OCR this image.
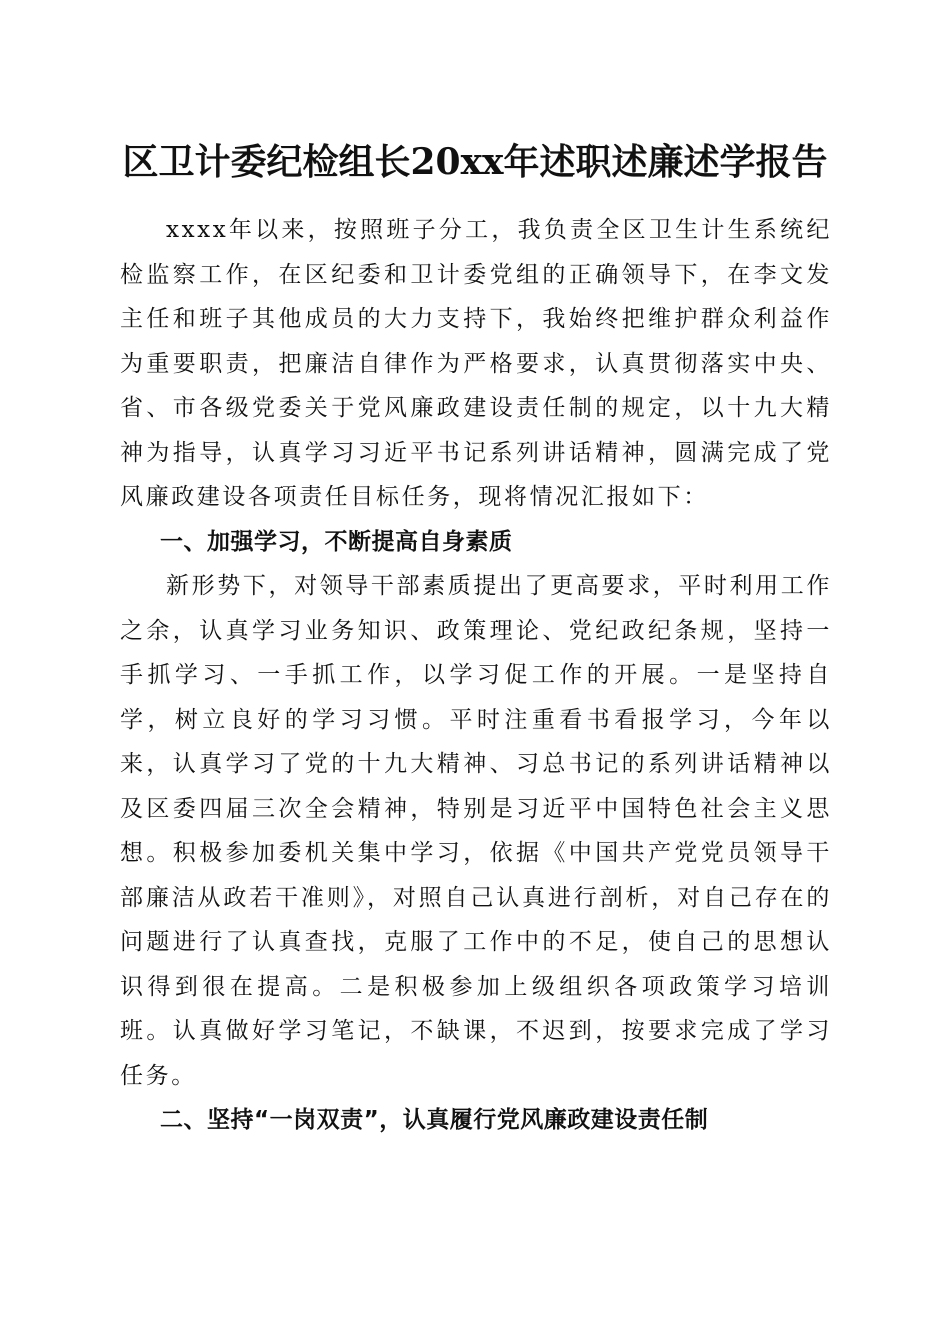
区卫计委纪检组长20xx年述职述廉述学报告

xxxx年以来，按照班子分工，我负责全区卫生计生系统纪检监察工作，在区纪委和卫计委党组的正确领导下，在李文发主任和班子其他成员的大力支持下，我始终把维护群众利益作为重要职责，把廉洁自律作为严格要求，认真贯彻落实中央、省、市各级党委关于党风廉政建设责任制的规定，以十九大精神为指导，认真学习习近平书记系列讲话精神，圆满完成了党风廉政建设各项责任目标任务，现将情况汇报如下：

一、加强学习，不断提高自身素质

新形势下，对领导干部素质提出了更高要求，平时利用工作之余，认真学习业务知识、政策理论、党纪政纪条规，坚持一手抓学习、一手抓工作，以学习促工作的开展。一是坚持自学，树立良好的学习习惯。平时注重看书看报学习，今年以来，认真学习了党的十九大精神、习总书记的系列讲话精神以及区委四届三次全会精神，特别是习近平中国特色社会主义思想。积极参加委机关集中学习，依据《中国共产党党员领导干部廉洁从政若干准则》，对照自己认真进行剖析，对自己存在的问题进行了认真查找，克服了工作中的不足，使自己的思想认识得到很在提高。二是积极参加上级组织各项政策学习培训班。认真做好学习笔记，不缺课，不迟到，按要求完成了学习任务。

二、坚持“一岗双责”，认真履行党风廉政建设责任制
